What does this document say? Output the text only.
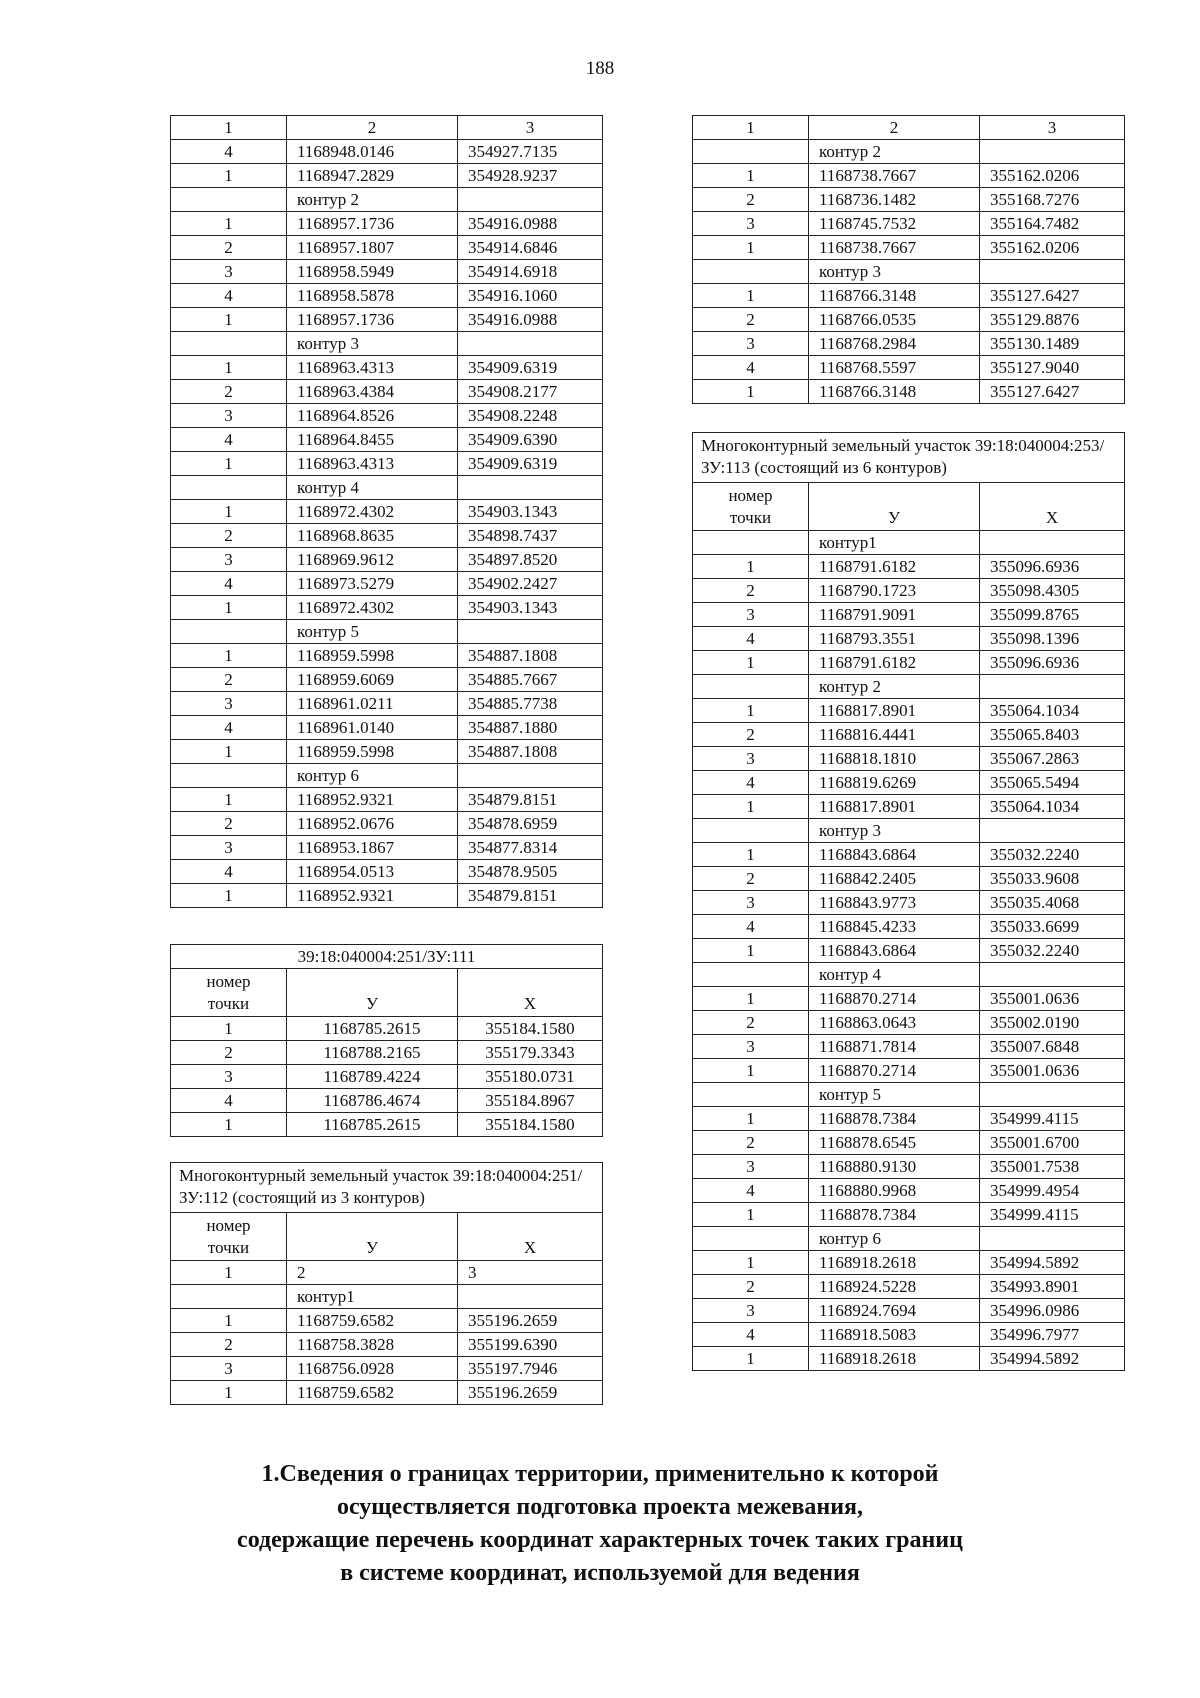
188
1	2	3
4	1168948.0146	354927.7135
1	1168947.2829	354928.9237
	контур 2	
1	1168957.1736	354916.0988
2	1168957.1807	354914.6846
3	1168958.5949	354914.6918
4	1168958.5878	354916.1060
1	1168957.1736	354916.0988
	контур 3	
1	1168963.4313	354909.6319
2	1168963.4384	354908.2177
3	1168964.8526	354908.2248
4	1168964.8455	354909.6390
1	1168963.4313	354909.6319
	контур 4	
1	1168972.4302	354903.1343
2	1168968.8635	354898.7437
3	1168969.9612	354897.8520
4	1168973.5279	354902.2427
1	1168972.4302	354903.1343
	контур 5	
1	1168959.5998	354887.1808
2	1168959.6069	354885.7667
3	1168961.0211	354885.7738
4	1168961.0140	354887.1880
1	1168959.5998	354887.1808
	контур 6	
1	1168952.9321	354879.8151
2	1168952.0676	354878.6959
3	1168953.1867	354877.8314
4	1168954.0513	354878.9505
1	1168952.9321	354879.8151
39:18:040004:251/ЗУ:111		
номер
точки	У	Х
1	1168785.2615	355184.1580
2	1168788.2165	355179.3343
3	1168789.4224	355180.0731
4	1168786.4674	355184.8967
1	1168785.2615	355184.1580
Многоконтурный земельный участок 39:18:040004:251/ЗУ:112 (состоящий из 3 контуров)		
номер
точки	У	Х
1	2	3
	контур1	
1	1168759.6582	355196.2659
2	1168758.3828	355199.6390
3	1168756.0928	355197.7946
1	1168759.6582	355196.2659
1	2	3
	контур 2	
1	1168738.7667	355162.0206
2	1168736.1482	355168.7276
3	1168745.7532	355164.7482
1	1168738.7667	355162.0206
	контур 3	
1	1168766.3148	355127.6427
2	1168766.0535	355129.8876
3	1168768.2984	355130.1489
4	1168768.5597	355127.9040
1	1168766.3148	355127.6427
Многоконтурный земельный участок 39:18:040004:253/ЗУ:113 (состоящий из 6 контуров)		
номер
точки	У	Х
	контур1	
1	1168791.6182	355096.6936
2	1168790.1723	355098.4305
3	1168791.9091	355099.8765
4	1168793.3551	355098.1396
1	1168791.6182	355096.6936
	контур 2	
1	1168817.8901	355064.1034
2	1168816.4441	355065.8403
3	1168818.1810	355067.2863
4	1168819.6269	355065.5494
1	1168817.8901	355064.1034
	контур 3	
1	1168843.6864	355032.2240
2	1168842.2405	355033.9608
3	1168843.9773	355035.4068
4	1168845.4233	355033.6699
1	1168843.6864	355032.2240
	контур 4	
1	1168870.2714	355001.0636
2	1168863.0643	355002.0190
3	1168871.7814	355007.6848
1	1168870.2714	355001.0636
	контур 5	
1	1168878.7384	354999.4115
2	1168878.6545	355001.6700
3	1168880.9130	355001.7538
4	1168880.9968	354999.4954
1	1168878.7384	354999.4115
	контур 6	
1	1168918.2618	354994.5892
2	1168924.5228	354993.8901
3	1168924.7694	354996.0986
4	1168918.5083	354996.7977
1	1168918.2618	354994.5892
1.Сведения о границах территории, применительно к которой
осуществляется подготовка проекта межевания,
содержащие перечень координат характерных точек таких границ
в системе координат, используемой для ведения
